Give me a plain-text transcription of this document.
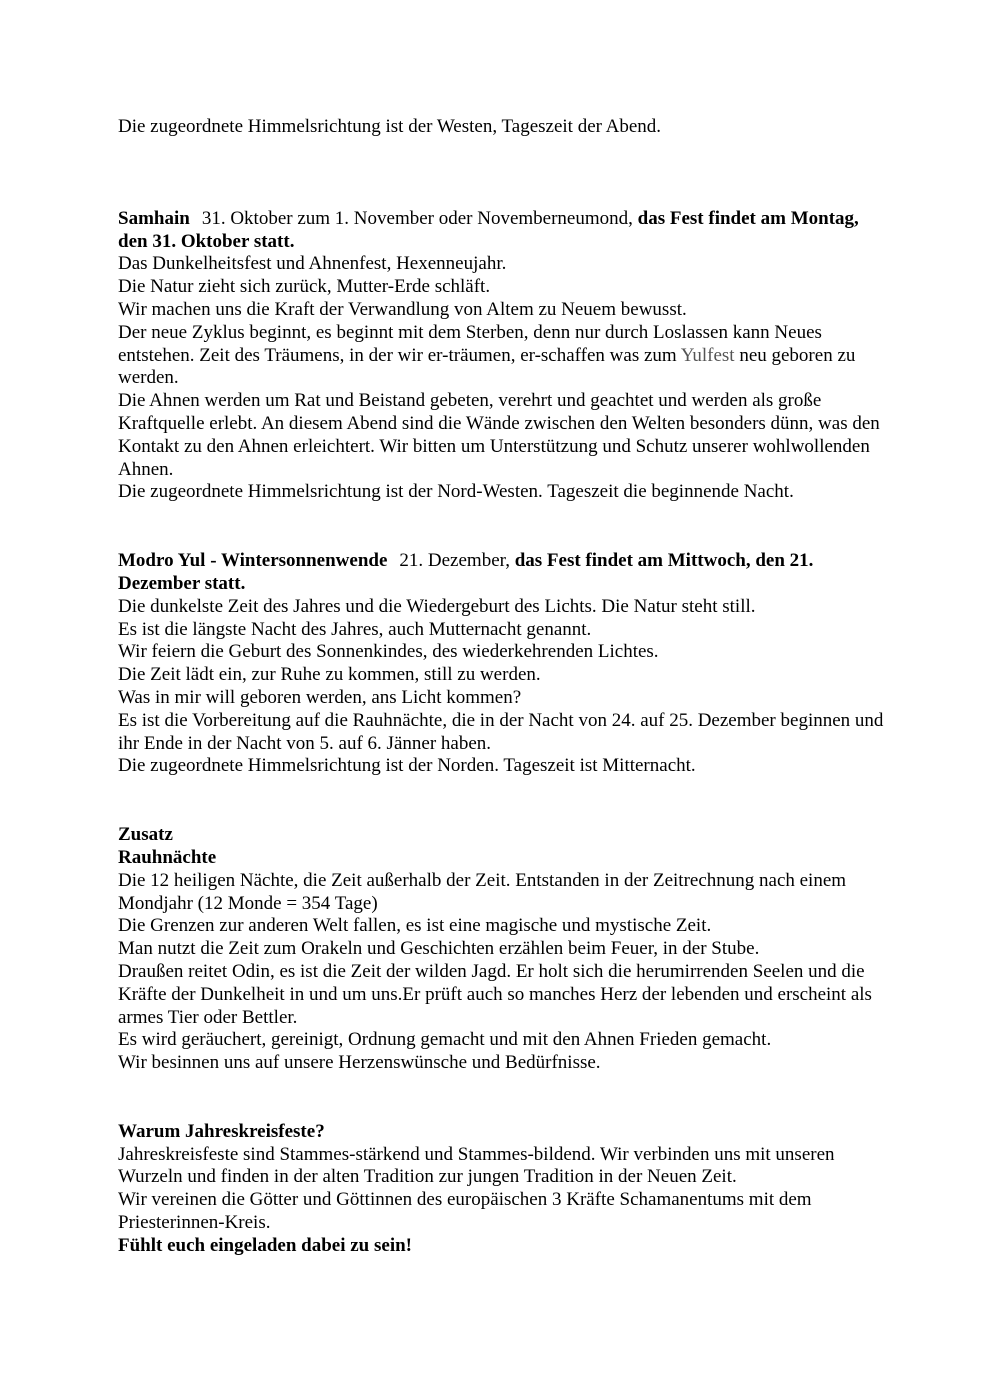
Die zugeordnete Himmelsrichtung ist der Westen, Tageszeit der Abend.
Samhain 31. Oktober zum 1. November oder Novemberneumond, das Fest findet am Montag, den 31. Oktober statt.
Das Dunkelheitsfest und Ahnenfest, Hexenneujahr.
Die Natur zieht sich zurück, Mutter-Erde schläft.
Wir machen uns die Kraft der Verwandlung von Altem zu Neuem bewusst.
Der neue Zyklus beginnt, es beginnt mit dem Sterben, denn nur durch Loslassen kann Neues entstehen. Zeit des Träumens, in der wir er-träumen, er-schaffen was zum Yulfest neu geboren zu werden.
Die Ahnen werden um Rat und Beistand gebeten, verehrt und geachtet und werden als große Kraftquelle erlebt. An diesem Abend sind die Wände zwischen den Welten besonders dünn, was den Kontakt zu den Ahnen erleichtert. Wir bitten um Unterstützung und Schutz unserer wohlwollenden Ahnen.
Die zugeordnete Himmelsrichtung ist der Nord-Westen. Tageszeit die beginnende Nacht.
Modro Yul - Wintersonnenwende 21. Dezember, das Fest findet am Mittwoch, den 21. Dezember statt.
Die dunkelste Zeit des Jahres und die Wiedergeburt des Lichts. Die Natur steht still.
Es ist die längste Nacht des Jahres, auch Mutternacht genannt.
Wir feiern die Geburt des Sonnenkindes, des wiederkehrenden Lichtes.
Die Zeit lädt ein, zur Ruhe zu kommen, still zu werden.
Was in mir will geboren werden, ans Licht kommen?
Es ist die Vorbereitung auf die Rauhnächte, die in der Nacht von 24. auf 25. Dezember beginnen und ihr Ende in der Nacht von 5. auf 6. Jänner haben.
Die zugeordnete Himmelsrichtung ist der Norden. Tageszeit ist Mitternacht.
Zusatz
Rauhnächte
Die 12 heiligen Nächte, die Zeit außerhalb der Zeit. Entstanden in der Zeitrechnung nach einem Mondjahr (12 Monde = 354 Tage)
Die Grenzen zur anderen Welt fallen, es ist eine magische und mystische Zeit.
Man nutzt die Zeit zum Orakeln und Geschichten erzählen beim Feuer, in der Stube.
Draußen reitet Odin, es ist die Zeit der wilden Jagd. Er holt sich die herumirrenden Seelen und die Kräfte der Dunkelheit in und um uns.Er prüft auch so manches Herz der lebenden und erscheint als armes Tier oder Bettler.
Es wird geräuchert, gereinigt, Ordnung gemacht und mit den Ahnen Frieden gemacht.
Wir besinnen uns auf unsere Herzenswünsche und Bedürfnisse.
Warum Jahreskreisfeste?
Jahreskreisfeste sind Stammes-stärkend und Stammes-bildend. Wir verbinden uns mit unseren Wurzeln und finden in der alten Tradition zur jungen Tradition in der Neuen Zeit.
Wir vereinen die Götter und Göttinnen des europäischen 3 Kräfte Schamanentums mit dem Priesterinnen-Kreis.
Fühlt euch eingeladen dabei zu sein!
